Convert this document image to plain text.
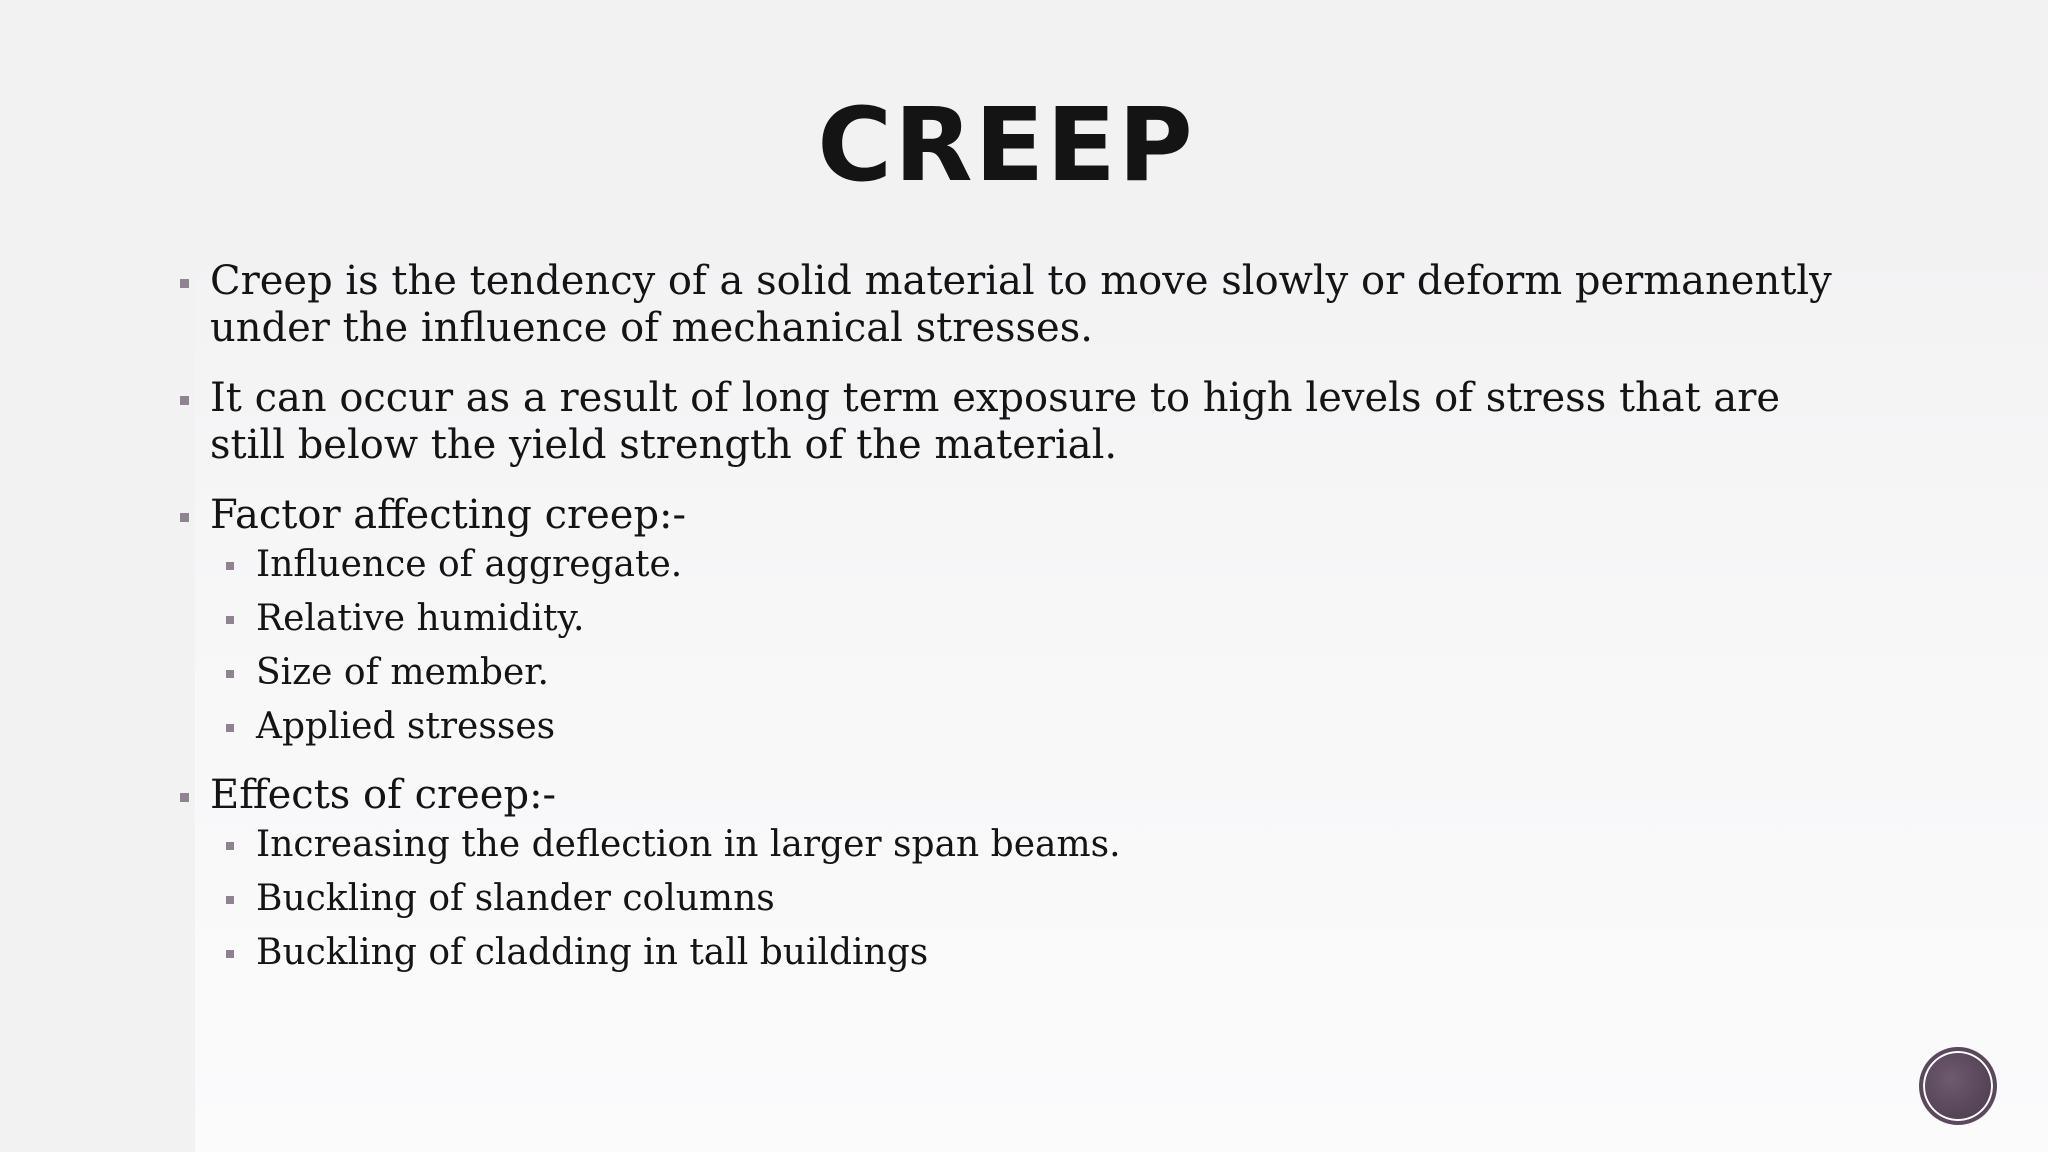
CREEP
Creep is the tendency of a solid material to move slowly or deform permanently under the influence of mechanical stresses.
It can occur as a result of long term exposure to high levels of stress that are still below the yield strength of the material.
Factor affecting creep:-
Influence of aggregate.
Relative humidity.
Size of member.
Applied stresses
Effects of creep:-
Increasing the deflection in larger span beams.
Buckling of slander columns
Buckling of cladding in tall buildings
